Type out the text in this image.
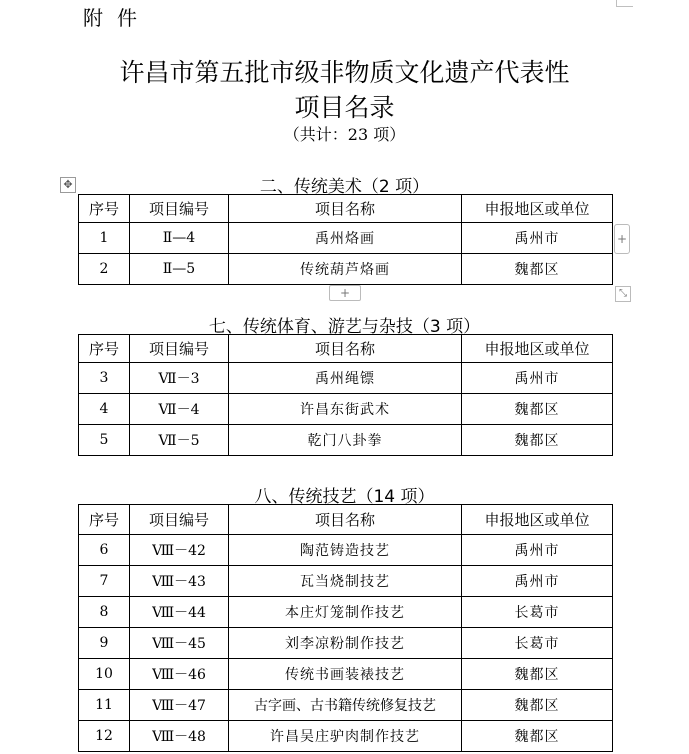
附件
许昌市第五批市级非物质文化遗产代表性
项目名录
（共计：23 项）
二、传统美术（2 项）
✥
序号	项目编号	项目名称	申报地区或单位
1	Ⅱ—4	禹州烙画	禹州市
2	Ⅱ—5	传统葫芦烙画	魏都区
+
+	⤡
七、传统体育、游艺与杂技（3 项）
序号	项目编号	项目名称	申报地区或单位
3	Ⅶ－3	禹州绳镖	禹州市
4	Ⅶ－4	许昌东街武术	魏都区
5	Ⅶ－5	乾门八卦拳	魏都区
八、传统技艺（14 项）
序号	项目编号	项目名称	申报地区或单位
6	Ⅷ－42	陶范铸造技艺	禹州市
7	Ⅷ－43	瓦当烧制技艺	禹州市
8	Ⅷ－44	本庄灯笼制作技艺	长葛市
9	Ⅷ－45	刘李凉粉制作技艺	长葛市
10	Ⅷ－46	传统书画装裱技艺	魏都区
11	Ⅷ－47	古字画、古书籍传统修复技艺	魏都区
12	Ⅷ－48	许昌吴庄驴肉制作技艺	魏都区
